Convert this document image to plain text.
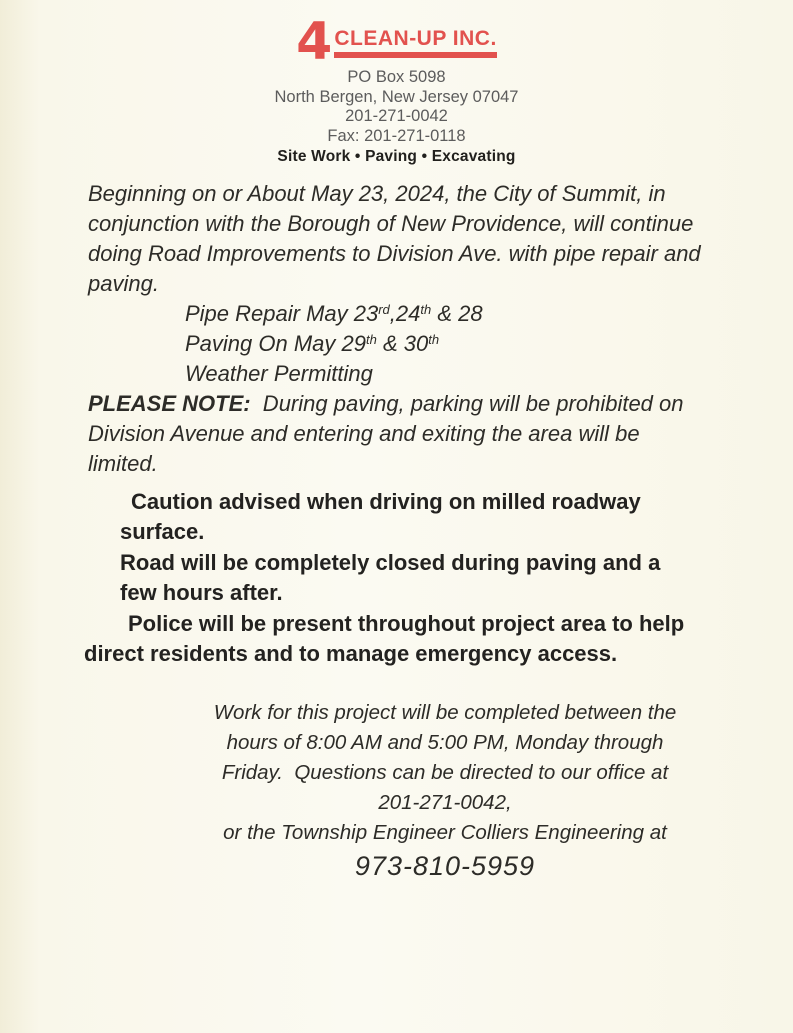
4 CLEAN-UP INC.
PO Box 5098
North Bergen, New Jersey 07047
201-271-0042
Fax: 201-271-0118
Site Work • Paving • Excavating
Beginning on or About May 23, 2024, the City of Summit, in
conjunction with the Borough of New Providence, will continue
doing Road Improvements to Division Ave. with pipe repair and
paving.
Pipe Repair May 23rd,24th & 28
Paving On May 29th & 30th
Weather Permitting
PLEASE NOTE:  During paving, parking will be prohibited on
Division Avenue and entering and exiting the area will be
limited.
Caution advised when driving on milled roadway
surface.
Road will be completely closed during paving and a
few hours after.
Police will be present throughout project area to help
direct residents and to manage emergency access.
Work for this project will be completed between the
hours of 8:00 AM and 5:00 PM, Monday through
Friday.  Questions can be directed to our office at
201-271-0042,
or the Township Engineer Colliers Engineering at
973-810-5959
